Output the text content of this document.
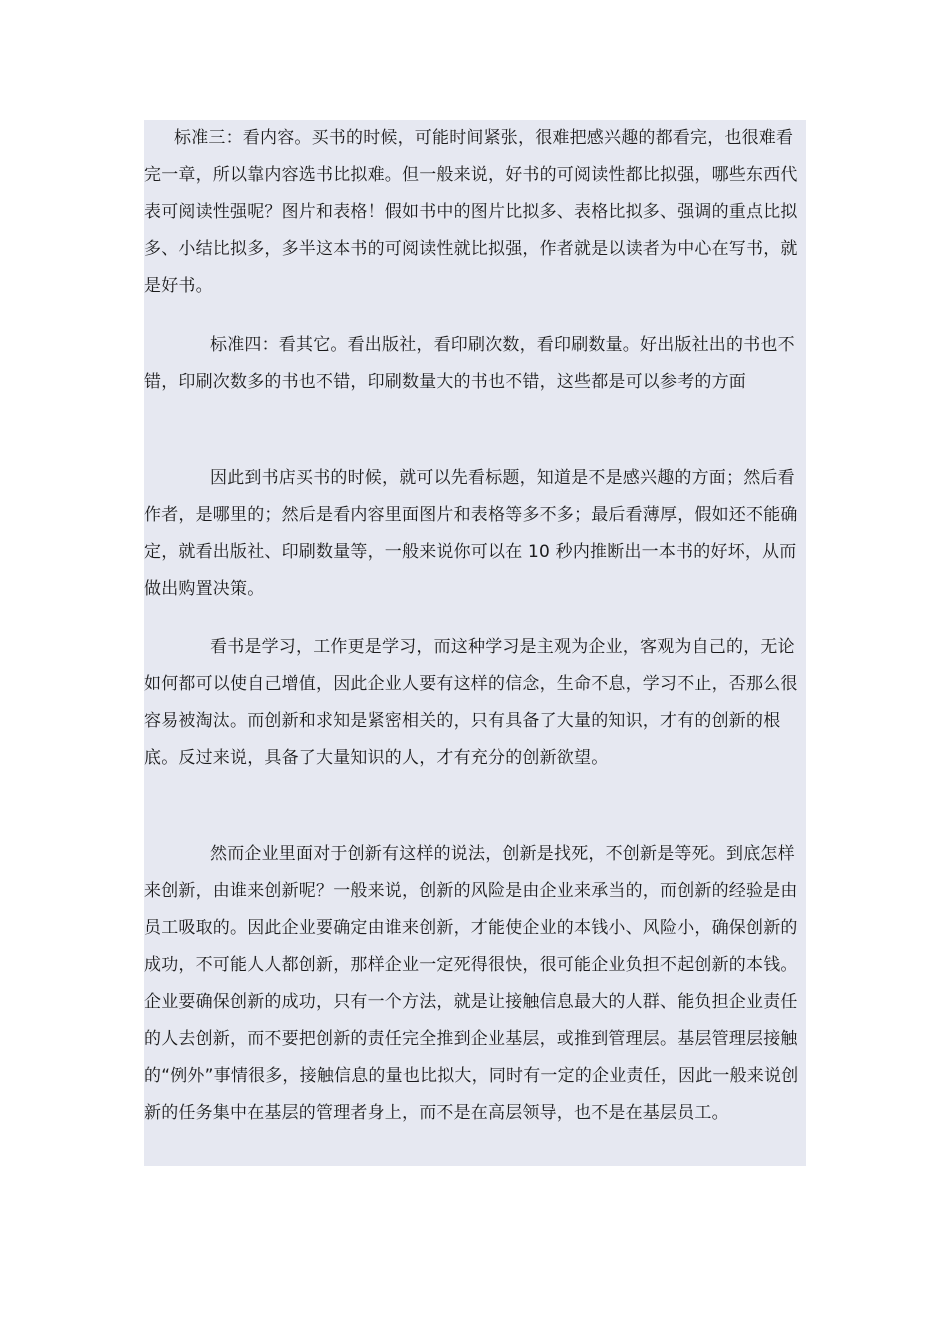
标准三：看内容。买书的时候，可能时间紧张，很难把感兴趣的都看完，也很难看完一章，所以靠内容选书比拟难。但一般来说，好书的可阅读性都比拟强，哪些东西代表可阅读性强呢？图片和表格！假如书中的图片比拟多、表格比拟多、强调的重点比拟多、小结比拟多，多半这本书的可阅读性就比拟强，作者就是以读者为中心在写书，就是好书。
标准四：看其它。看出版社，看印刷次数，看印刷数量。好出版社出的书也不错，印刷次数多的书也不错，印刷数量大的书也不错，这些都是可以参考的方面
因此到书店买书的时候，就可以先看标题，知道是不是感兴趣的方面；然后看作者，是哪里的；然后是看内容里面图片和表格等多不多；最后看薄厚，假如还不能确定，就看出版社、印刷数量等，一般来说你可以在 10 秒内推断出一本书的好坏，从而做出购置决策。
看书是学习，工作更是学习，而这种学习是主观为企业，客观为自己的，无论如何都可以使自己增值，因此企业人要有这样的信念，生命不息，学习不止，否那么很容易被淘汰。而创新和求知是紧密相关的，只有具备了大量的知识，才有的创新的根底。反过来说，具备了大量知识的人，才有充分的创新欲望。
然而企业里面对于创新有这样的说法，创新是找死，不创新是等死。到底怎样来创新，由谁来创新呢？一般来说，创新的风险是由企业来承当的，而创新的经验是由员工吸取的。因此企业要确定由谁来创新，才能使企业的本钱小、风险小，确保创新的成功，不可能人人都创新，那样企业一定死得很快，很可能企业负担不起创新的本钱。企业要确保创新的成功，只有一个方法，就是让接触信息最大的人群、能负担企业责任的人去创新，而不要把创新的责任完全推到企业基层，或推到管理层。基层管理层接触的“例外”事情很多，接触信息的量也比拟大，同时有一定的企业责任，因此一般来说创新的任务集中在基层的管理者身上，而不是在高层领导，也不是在基层员工。
